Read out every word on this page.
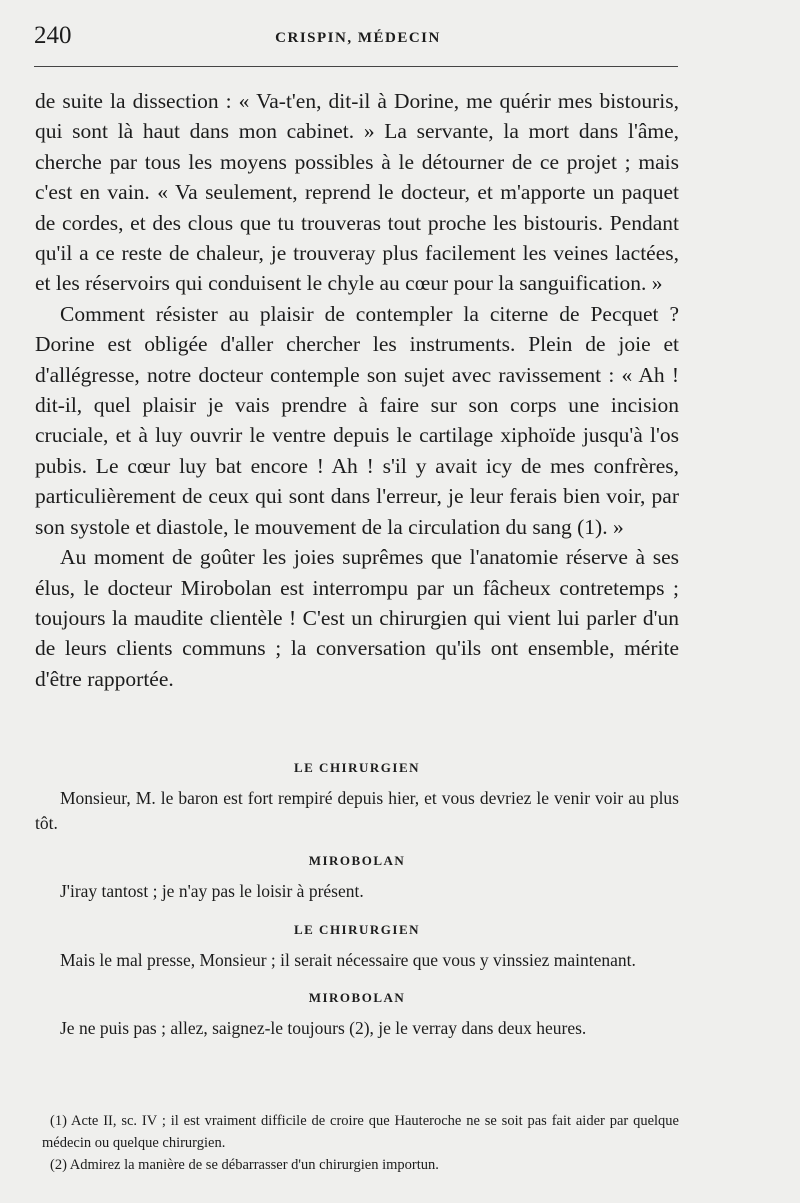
240	CRISPIN, MÉDECIN

de suite la dissection : « Va-t'en, dit-il à Dorine, me quérir mes bistouris, qui sont là haut dans mon cabinet. » La servante, la mort dans l'âme, cherche par tous les moyens possibles à le détourner de ce projet ; mais c'est en vain. « Va seulement, reprend le docteur, et m'apporte un paquet de cordes, et des clous que tu trouveras tout proche les bistouris. Pendant qu'il a ce reste de chaleur, je trouveray plus facilement les veines lactées, et les réservoirs qui conduisent le chyle au cœur pour la sanguification. »

Comment résister au plaisir de contempler la citerne de Pecquet ? Dorine est obligée d'aller chercher les instruments. Plein de joie et d'allégresse, notre docteur contemple son sujet avec ravissement : « Ah ! dit-il, quel plaisir je vais prendre à faire sur son corps une incision cruciale, et à luy ouvrir le ventre depuis le cartilage xiphoïde jusqu'à l'os pubis. Le cœur luy bat encore ! Ah ! s'il y avait icy de mes confrères, particulièrement de ceux qui sont dans l'erreur, je leur ferais bien voir, par son systole et diastole, le mouvement de la circulation du sang (1). »

Au moment de goûter les joies suprêmes que l'anatomie réserve à ses élus, le docteur Mirobolan est interrompu par un fâcheux contretemps ; toujours la maudite clientèle ! C'est un chirurgien qui vient lui parler d'un de leurs clients communs ; la conversation qu'ils ont ensemble, mérite d'être rapportée.

LE CHIRURGIEN

Monsieur, M. le baron est fort rempiré depuis hier, et vous devriez le venir voir au plus tôt.

MIROBOLAN

J'iray tantost ; je n'ay pas le loisir à présent.

LE CHIRURGIEN

Mais le mal presse, Monsieur ; il serait nécessaire que vous y vinssiez maintenant.

MIROBOLAN

Je ne puis pas ; allez, saignez-le toujours (2), je le verray dans deux heures.

(1) Acte II, sc. IV ; il est vraiment difficile de croire que Hauteroche ne se soit pas fait aider par quelque médecin ou quelque chirurgien.

(2) Admirez la manière de se débarrasser d'un chirurgien importun.
